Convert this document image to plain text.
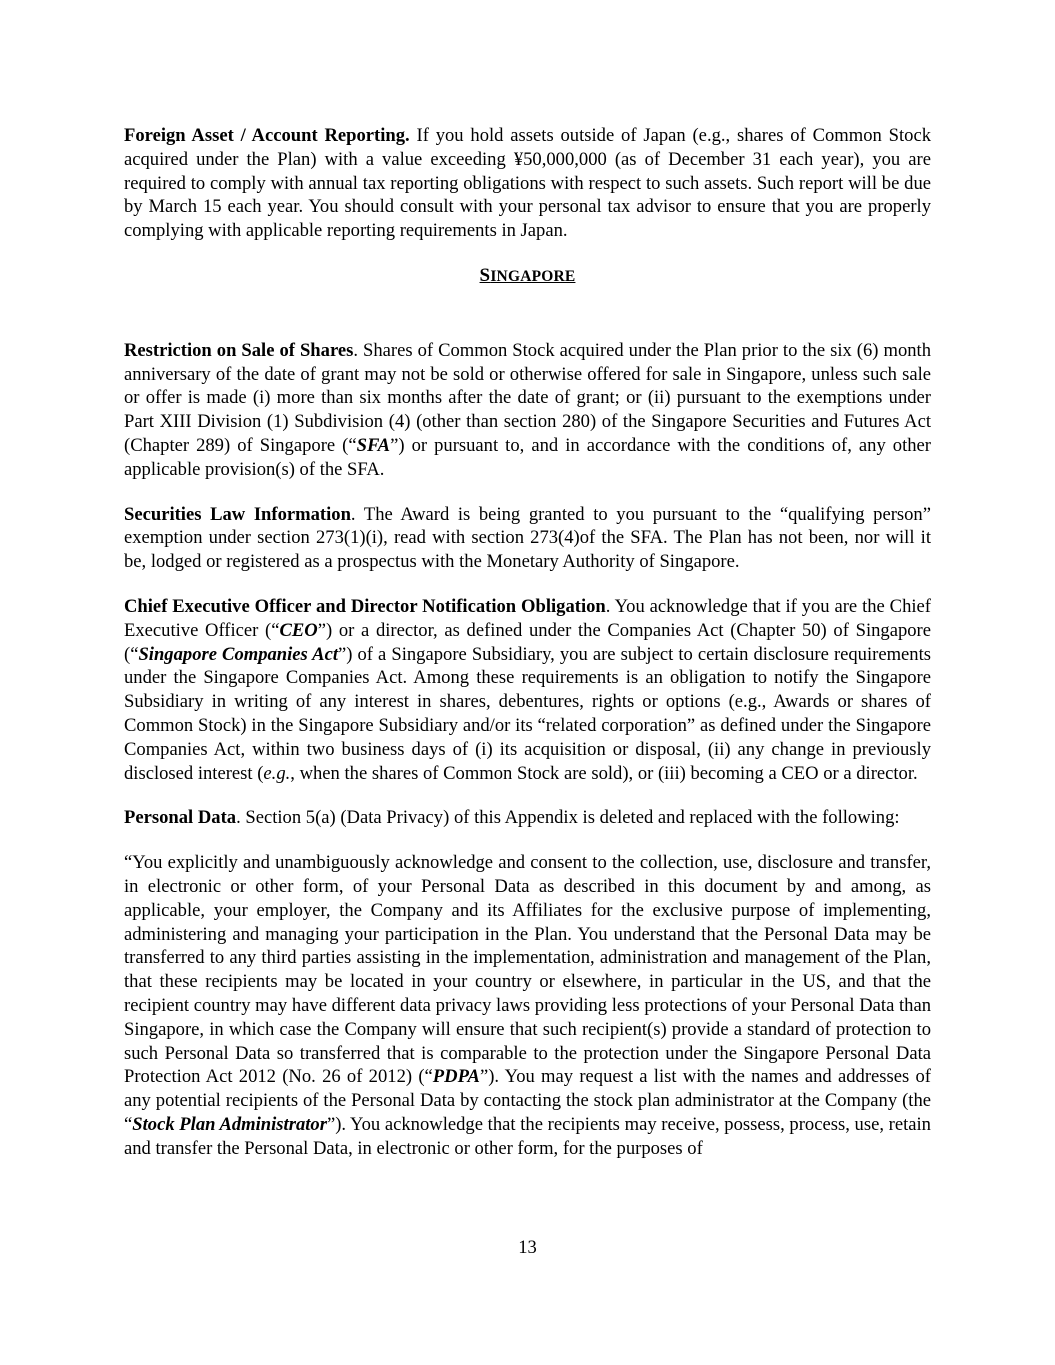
Foreign Asset / Account Reporting. If you hold assets outside of Japan (e.g., shares of Common Stock acquired under the Plan) with a value exceeding ¥50,000,000 (as of December 31 each year), you are required to comply with annual tax reporting obligations with respect to such assets. Such report will be due by March 15 each year. You should consult with your personal tax advisor to ensure that you are properly complying with applicable reporting requirements in Japan.

SINGAPORE

Restriction on Sale of Shares. Shares of Common Stock acquired under the Plan prior to the six (6) month anniversary of the date of grant may not be sold or otherwise offered for sale in Singapore, unless such sale or offer is made (i) more than six months after the date of grant; or (ii) pursuant to the exemptions under Part XIII Division (1) Subdivision (4) (other than section 280) of the Singapore Securities and Futures Act (Chapter 289) of Singapore (“SFA”) or pursuant to, and in accordance with the conditions of, any other applicable provision(s) of the SFA.

Securities Law Information. The Award is being granted to you pursuant to the “qualifying person” exemption under section 273(1)(i), read with section 273(4)of the SFA. The Plan has not been, nor will it be, lodged or registered as a prospectus with the Monetary Authority of Singapore.

Chief Executive Officer and Director Notification Obligation. You acknowledge that if you are the Chief Executive Officer (“CEO”) or a director, as defined under the Companies Act (Chapter 50) of Singapore (“Singapore Companies Act”) of a Singapore Subsidiary, you are subject to certain disclosure requirements under the Singapore Companies Act. Among these requirements is an obligation to notify the Singapore Subsidiary in writing of any interest in shares, debentures, rights or options (e.g., Awards or shares of Common Stock) in the Singapore Subsidiary and/or its “related corporation” as defined under the Singapore Companies Act, within two business days of (i) its acquisition or disposal, (ii) any change in previously disclosed interest (e.g., when the shares of Common Stock are sold), or (iii) becoming a CEO or a director.

Personal Data. Section 5(a) (Data Privacy) of this Appendix is deleted and replaced with the following:

“You explicitly and unambiguously acknowledge and consent to the collection, use, disclosure and transfer, in electronic or other form, of your Personal Data as described in this document by and among, as applicable, your employer, the Company and its Affiliates for the exclusive purpose of implementing, administering and managing your participation in the Plan. You understand that the Personal Data may be transferred to any third parties assisting in the implementation, administration and management of the Plan, that these recipients may be located in your country or elsewhere, in particular in the US, and that the recipient country may have different data privacy laws providing less protections of your Personal Data than Singapore, in which case the Company will ensure that such recipient(s) provide a standard of protection to such Personal Data so transferred that is comparable to the protection under the Singapore Personal Data Protection Act 2012 (No. 26 of 2012) (“PDPA”). You may request a list with the names and addresses of any potential recipients of the Personal Data by contacting the stock plan administrator at the Company (the “Stock Plan Administrator”). You acknowledge that the recipients may receive, possess, process, use, retain and transfer the Personal Data, in electronic or other form, for the purposes of

13
